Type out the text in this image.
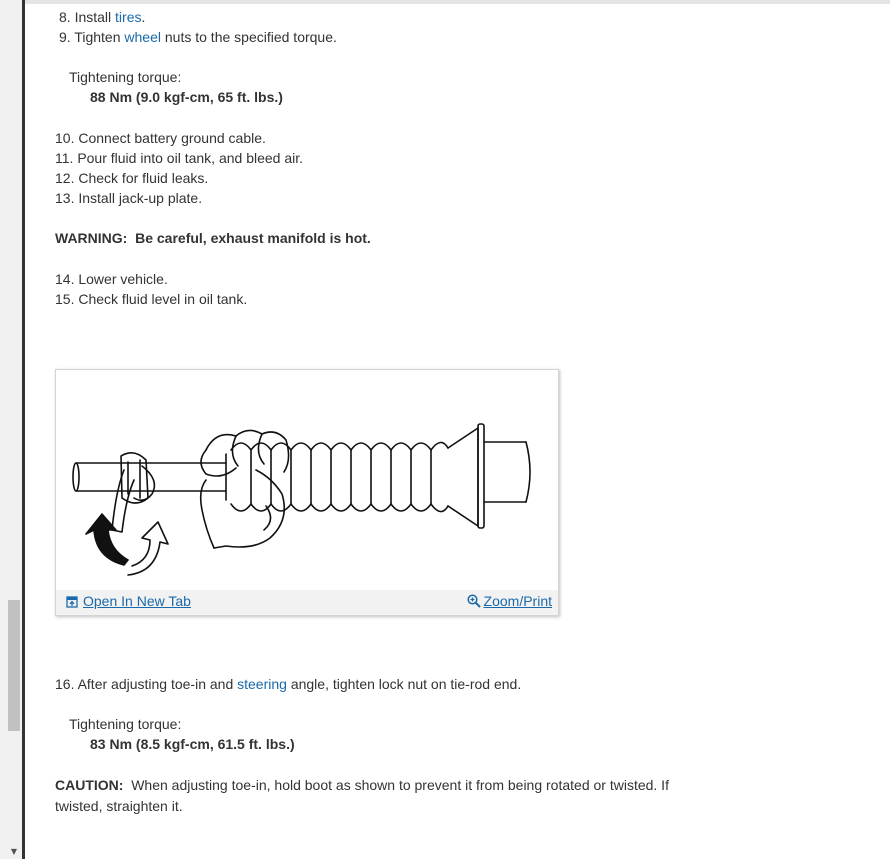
▼
8. Install tires.
9. Tighten wheel nuts to the specified torque.
Tightening torque:
88 Nm (9.0 kgf-cm, 65 ft. lbs.)
10. Connect battery ground cable.
11. Pour fluid into oil tank, and bleed air.
12. Check for fluid leaks.
13. Install jack-up plate.
WARNING: Be careful, exhaust manifold is hot.
14. Lower vehicle.
15. Check fluid level in oil tank.
Open In New Tab	Zoom/Print
16. After adjusting toe-in and steering angle, tighten lock nut on tie-rod end.
Tightening torque:
83 Nm (8.5 kgf-cm, 61.5 ft. lbs.)
CAUTION: When adjusting toe-in, hold boot as shown to prevent it from being rotated or twisted. If twisted, straighten it.
